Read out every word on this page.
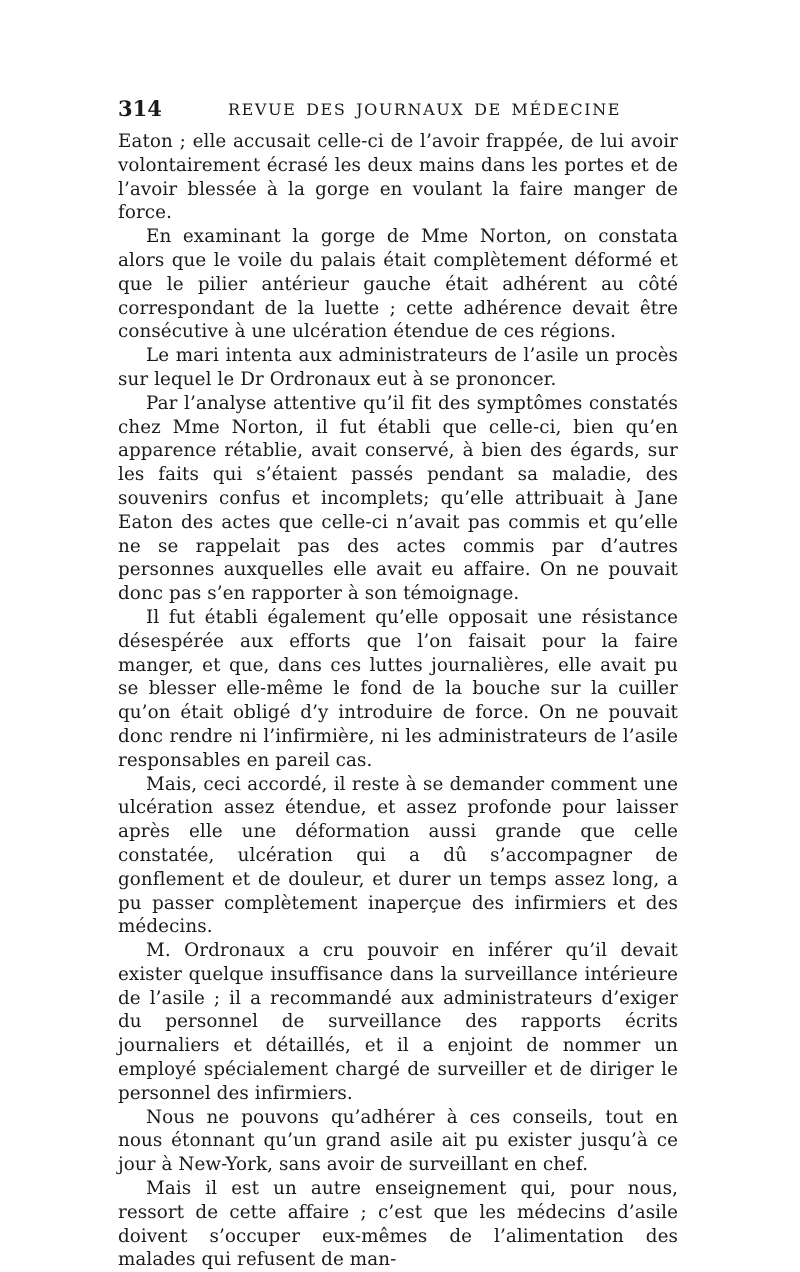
314	REVUE DES JOURNAUX DE MÉDECINE

Eaton ; elle accusait celle-ci de l’avoir frappée, de lui avoir volontairement écrasé les deux mains dans les portes et de l’avoir blessée à la gorge en voulant la faire manger de force.

En examinant la gorge de Mme Norton, on constata alors que le voile du palais était complètement déformé et que le pilier antérieur gauche était adhérent au côté correspondant de la luette ; cette adhérence devait être consécutive à une ulcération étendue de ces régions.

Le mari intenta aux administrateurs de l’asile un procès sur lequel le Dr Ordronaux eut à se prononcer.

Par l’analyse attentive qu’il fit des symptômes constatés chez Mme Norton, il fut établi que celle-ci, bien qu’en apparence rétablie, avait conservé, à bien des égards, sur les faits qui s’étaient passés pendant sa maladie, des souvenirs confus et incomplets; qu’elle attribuait à Jane Eaton des actes que celle-ci n’avait pas commis et qu’elle ne se rappelait pas des actes commis par d’autres personnes auxquelles elle avait eu affaire. On ne pouvait donc pas s’en rapporter à son témoignage.

Il fut établi également qu’elle opposait une résistance désespérée aux efforts que l’on faisait pour la faire manger, et que, dans ces luttes journalières, elle avait pu se blesser elle-même le fond de la bouche sur la cuiller qu’on était obligé d’y introduire de force. On ne pouvait donc rendre ni l’infirmière, ni les administrateurs de l’asile responsables en pareil cas.

Mais, ceci accordé, il reste à se demander comment une ulcération assez étendue, et assez profonde pour laisser après elle une déformation aussi grande que celle constatée, ulcération qui a dû s’accompagner de gonflement et de douleur, et durer un temps assez long, a pu passer complètement inaperçue des infirmiers et des médecins.

M. Ordronaux a cru pouvoir en inférer qu’il devait exister quelque insuffisance dans la surveillance intérieure de l’asile ; il a recommandé aux administrateurs d’exiger du personnel de surveillance des rapports écrits journaliers et détaillés, et il a enjoint de nommer un employé spécialement chargé de surveiller et de diriger le personnel des infirmiers.

Nous ne pouvons qu’adhérer à ces conseils, tout en nous étonnant qu’un grand asile ait pu exister jusqu’à ce jour à New-York, sans avoir de surveillant en chef.

Mais il est un autre enseignement qui, pour nous, ressort de cette affaire ; c’est que les médecins d’asile doivent s’occuper eux-mêmes de l’alimentation des malades qui refusent de man-
